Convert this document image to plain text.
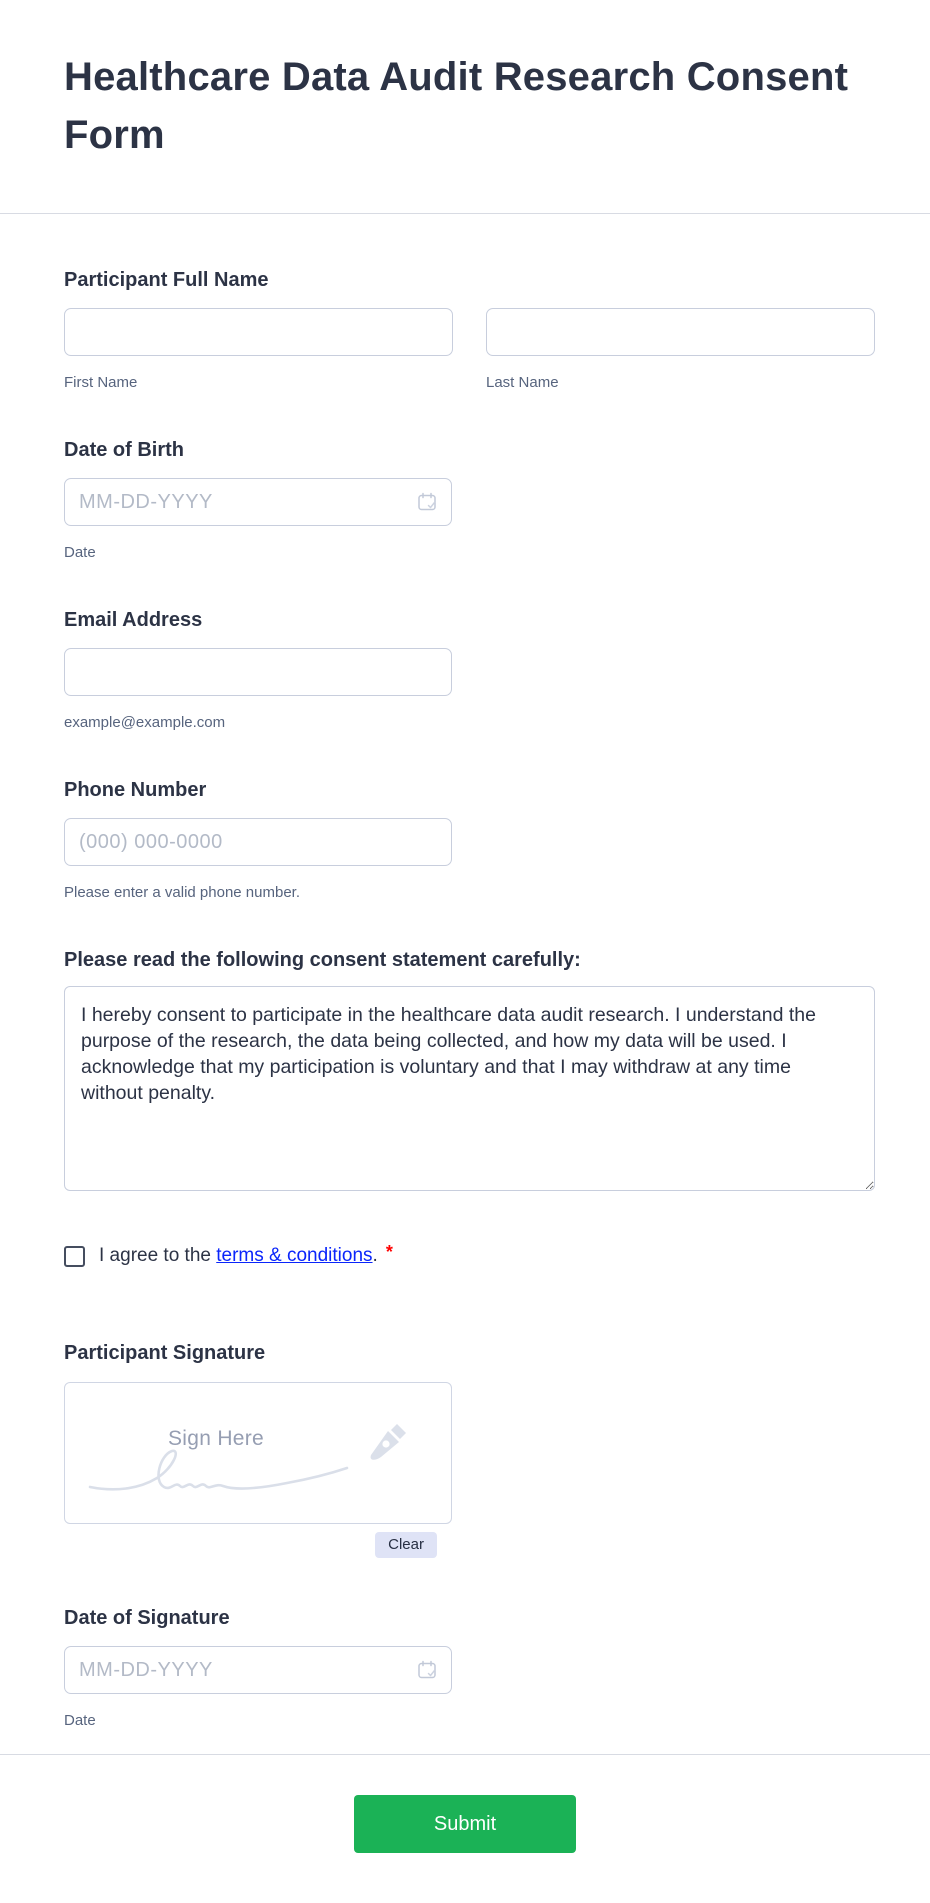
Healthcare Data Audit Research Consent Form
Participant Full Name
First Name	Last Name
Date of Birth
MM-DD-YYYY
Date
Email Address
example@example.com
Phone Number
(000) 000-0000
Please enter a valid phone number.
Please read the following consent statement carefully:
I hereby consent to participate in the healthcare data audit research. I understand the purpose of the research, the data being collected, and how my data will be used. I acknowledge that my participation is voluntary and that I may withdraw at any time without penalty.
I agree to the terms & conditions. *
Participant Signature
Sign Here
Clear
Date of Signature
MM-DD-YYYY
Date
Submit
